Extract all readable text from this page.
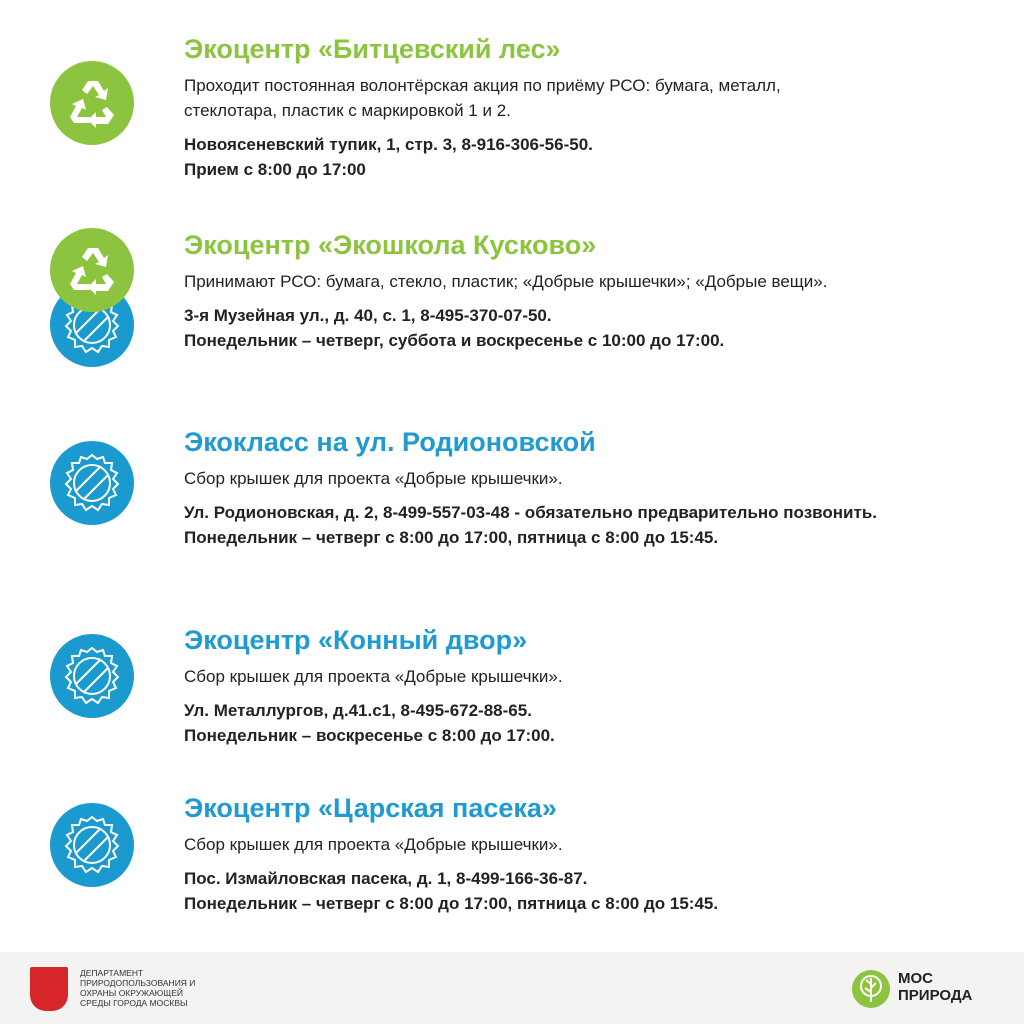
Экоцентр «Битцевский лес»
Проходит постоянная волонтёрская акция по приёму РСО: бумага, металл, стеклотара, пластик с маркировкой 1 и 2.
Новоясеневский тупик, 1, стр. 3, 8-916-306-56-50.
Прием с 8:00 до 17:00
Экоцентр «Экошкола Кусково»
Принимают РСО: бумага, стекло, пластик; «Добрые крышечки»; «Добрые вещи».
3-я Музейная ул., д. 40, с. 1, 8-495-370-07-50.
Понедельник – четверг, суббота и воскресенье с 10:00 до 17:00.
Экокласс на ул. Родионовской
Сбор крышек для проекта «Добрые крышечки».
Ул. Родионовская, д. 2, 8-499-557-03-48 - обязательно предварительно позвонить.
Понедельник – четверг с 8:00 до 17:00, пятница с 8:00 до 15:45.
Экоцентр «Конный двор»
Сбор крышек для проекта «Добрые крышечки».
Ул. Металлургов, д.41.с1, 8-495-672-88-65.
Понедельник – воскресенье с 8:00 до 17:00.
Экоцентр «Царская пасека»
Сбор крышек для проекта «Добрые крышечки».
Пос. Измайловская пасека, д. 1, 8-499-166-36-87.
Понедельник – четверг с 8:00 до 17:00, пятница с 8:00 до 15:45.
ДЕПАРТАМЕНТ ПРИРОДОПОЛЬЗОВАНИЯ И ОХРАНЫ ОКРУЖАЮЩЕЙ СРЕДЫ ГОРОДА МОСКВЫ
МОС
ПРИРОДА
